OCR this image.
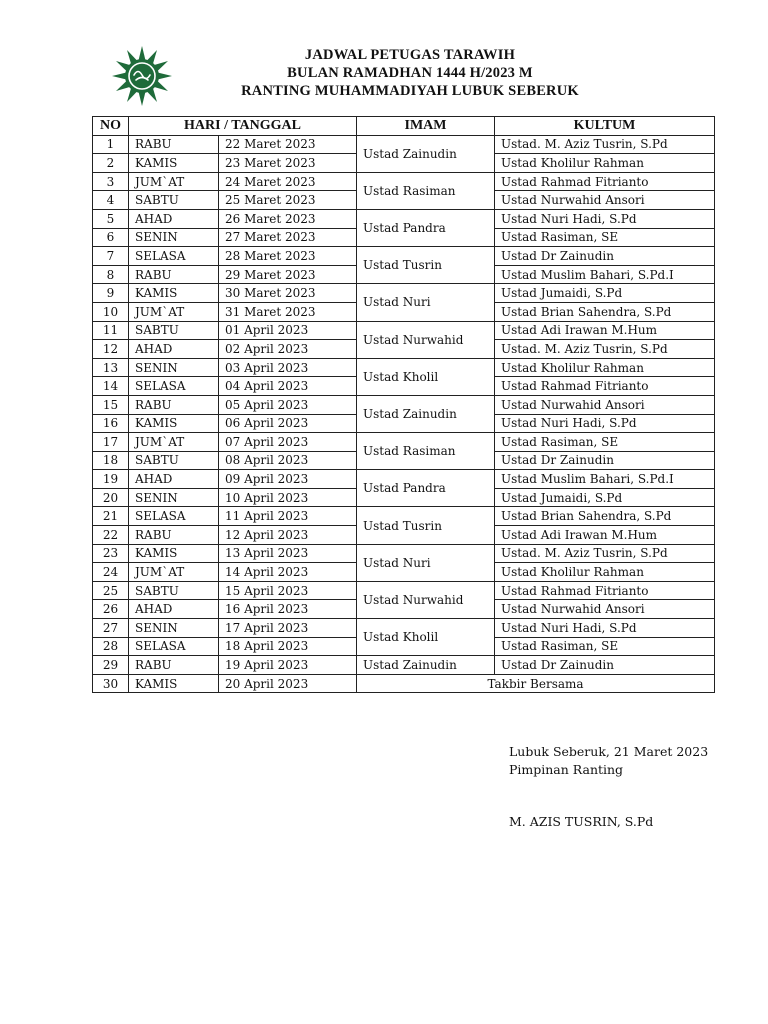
JADWAL PETUGAS TARAWIH
BULAN RAMADHAN 1444 H/2023 M
RANTING MUHAMMADIYAH LUBUK SEBERUK
NO	HARI / TANGGAL		IMAM	KULTUM
1	RABU	22 Maret 2023	Ustad Zainudin	Ustad. M. Aziz Tusrin, S.Pd
2	KAMIS	23 Maret 2023		Ustad Kholilur Rahman
3	JUM`AT	24 Maret 2023	Ustad Rasiman	Ustad Rahmad Fitrianto
4	SABTU	25 Maret 2023		Ustad Nurwahid Ansori
5	AHAD	26 Maret 2023	Ustad Pandra	Ustad Nuri Hadi, S.Pd
6	SENIN	27 Maret 2023		Ustad Rasiman, SE
7	SELASA	28 Maret 2023	Ustad Tusrin	Ustad Dr Zainudin
8	RABU	29 Maret 2023		Ustad Muslim Bahari, S.Pd.I
9	KAMIS	30 Maret 2023	Ustad Nuri	Ustad Jumaidi, S.Pd
10	JUM`AT	31 Maret 2023		Ustad Brian Sahendra, S.Pd
11	SABTU	01 April 2023	Ustad Nurwahid	Ustad Adi Irawan M.Hum
12	AHAD	02 April 2023		Ustad. M. Aziz Tusrin, S.Pd
13	SENIN	03 April 2023	Ustad Kholil	Ustad Kholilur Rahman
14	SELASA	04 April 2023		Ustad Rahmad Fitrianto
15	RABU	05 April 2023	Ustad Zainudin	Ustad Nurwahid Ansori
16	KAMIS	06 April 2023		Ustad Nuri Hadi, S.Pd
17	JUM`AT	07 April 2023	Ustad Rasiman	Ustad Rasiman, SE
18	SABTU	08 April 2023		Ustad Dr Zainudin
19	AHAD	09 April 2023	Ustad Pandra	Ustad Muslim Bahari, S.Pd.I
20	SENIN	10 April 2023		Ustad Jumaidi, S.Pd
21	SELASA	11 April 2023	Ustad Tusrin	Ustad Brian Sahendra, S.Pd
22	RABU	12 April 2023		Ustad Adi Irawan M.Hum
23	KAMIS	13 April 2023	Ustad Nuri	Ustad. M. Aziz Tusrin, S.Pd
24	JUM`AT	14 April 2023		Ustad Kholilur Rahman
25	SABTU	15 April 2023	Ustad Nurwahid	Ustad Rahmad Fitrianto
26	AHAD	16 April 2023		Ustad Nurwahid Ansori
27	SENIN	17 April 2023	Ustad Kholil	Ustad Nuri Hadi, S.Pd
28	SELASA	18 April 2023		Ustad Rasiman, SE
29	RABU	19 April 2023	Ustad Zainudin	Ustad Dr Zainudin
30	KAMIS	20 April 2023	Takbir Bersama	
Lubuk Seberuk, 21 Maret 2023
Pimpinan Ranting
M. AZIS TUSRIN, S.Pd
